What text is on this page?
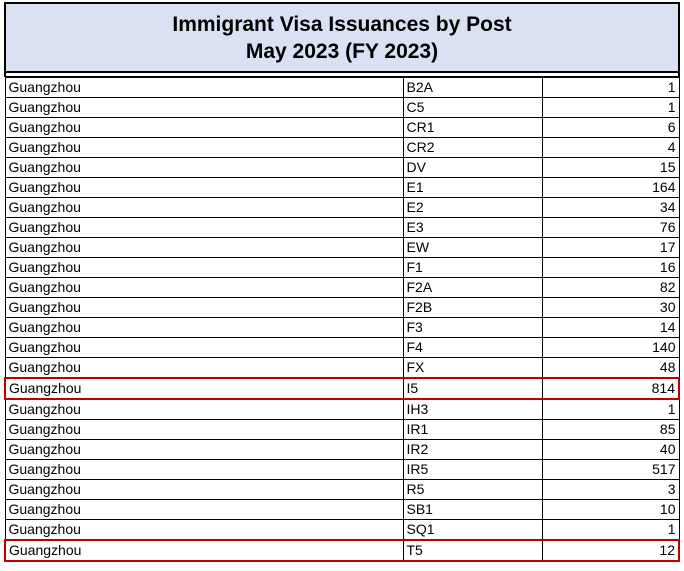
Immigrant Visa Issuances by Post
May 2023 (FY 2023)
Guangzhou	B2A	1
Guangzhou	C5	1
Guangzhou	CR1	6
Guangzhou	CR2	4
Guangzhou	DV	15
Guangzhou	E1	164
Guangzhou	E2	34
Guangzhou	E3	76
Guangzhou	EW	17
Guangzhou	F1	16
Guangzhou	F2A	82
Guangzhou	F2B	30
Guangzhou	F3	14
Guangzhou	F4	140
Guangzhou	FX	48
Guangzhou	I5	814
Guangzhou	IH3	1
Guangzhou	IR1	85
Guangzhou	IR2	40
Guangzhou	IR5	517
Guangzhou	R5	3
Guangzhou	SB1	10
Guangzhou	SQ1	1
Guangzhou	T5	12
